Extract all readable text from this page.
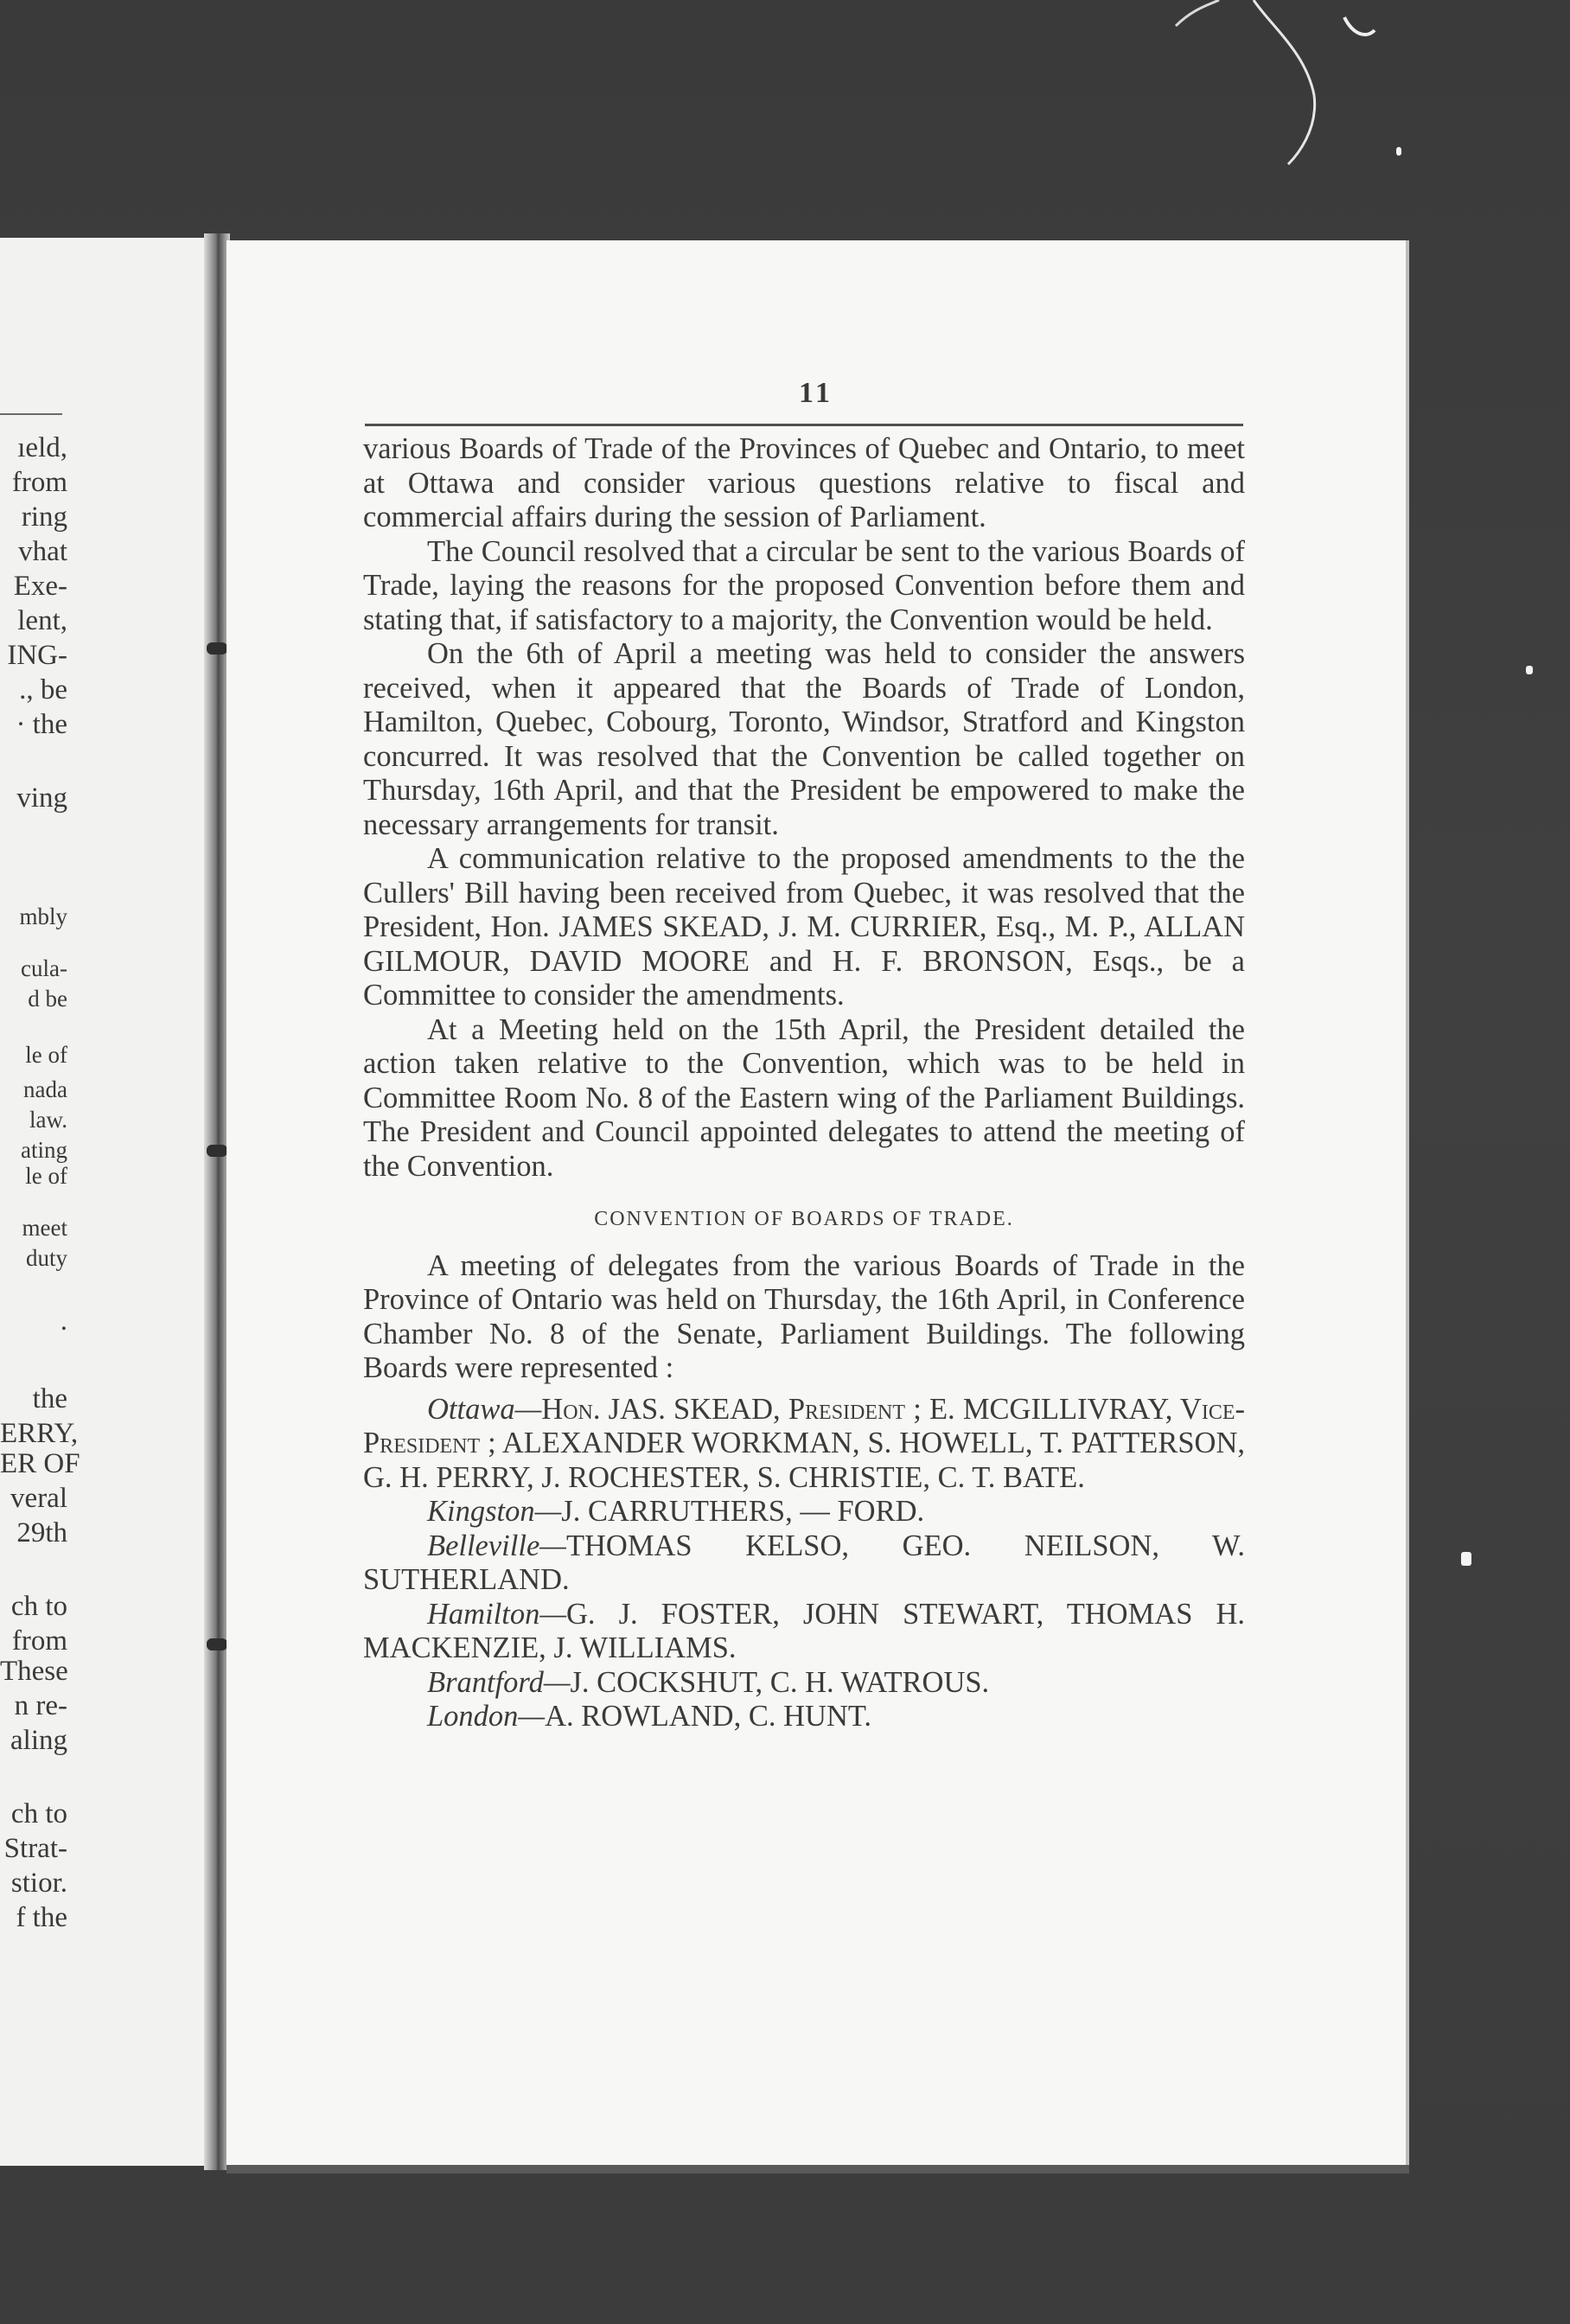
ıeld,
from
ring
vhat
Exe-
lent,
ING-
., be
· the
ving
mbly
cula-
d be
le of
nada
law.
ating
le of
meet
duty
.
the
ERRY,
ER OF
veral
29th
ch to
from
These
n re-
aling
ch to
Strat-
stior.
f the
11

various Boards of Trade of the Provinces of Quebec and Ontario, to meet at Ottawa and consider various questions relative to fiscal and commercial affairs during the session of Parliament.

The Council resolved that a circular be sent to the various Boards of Trade, laying the reasons for the proposed Convention before them and stating that, if satisfactory to a majority, the Convention would be held.

On the 6th of April a meeting was held to consider the answers received, when it appeared that the Boards of Trade of London, Hamilton, Quebec, Cobourg, Toronto, Windsor, Stratford and Kingston concurred. It was resolved that the Convention be called together on Thursday, 16th April, and that the President be empowered to make the necessary arrangements for transit.

A communication relative to the proposed amendments to the the Cullers' Bill having been received from Quebec, it was resolved that the President, Hon. JAMES SKEAD, J. M. CURRIER, Esq., M. P., ALLAN GILMOUR, DAVID MOORE and H. F. BRONSON, Esqs., be a Committee to consider the amendments.

At a Meeting held on the 15th April, the President detailed the action taken relative to the Convention, which was to be held in Committee Room No. 8 of the Eastern wing of the Parliament Buildings. The President and Council appointed delegates to attend the meeting of the Convention.

CONVENTION OF BOARDS OF TRADE.

A meeting of delegates from the various Boards of Trade in the Province of Ontario was held on Thursday, the 16th April, in Conference Chamber No. 8 of the Senate, Parliament Buildings. The following Boards were represented :

Ottawa—Hon. JAS. SKEAD, President ; E. MCGILLIVRAY, Vice-President ; ALEXANDER WORKMAN, S. HOWELL, T. PATTERSON, G. H. PERRY, J. ROCHESTER, S. CHRISTIE, C. T. BATE.

Kingston—J. CARRUTHERS, — FORD.

Belleville—THOMAS KELSO, GEO. NEILSON, W. SUTHERLAND.

Hamilton—G. J. FOSTER, JOHN STEWART, THOMAS H. MACKENZIE, J. WILLIAMS.

Brantford—J. COCKSHUT, C. H. WATROUS.

London—A. ROWLAND, C. HUNT.
